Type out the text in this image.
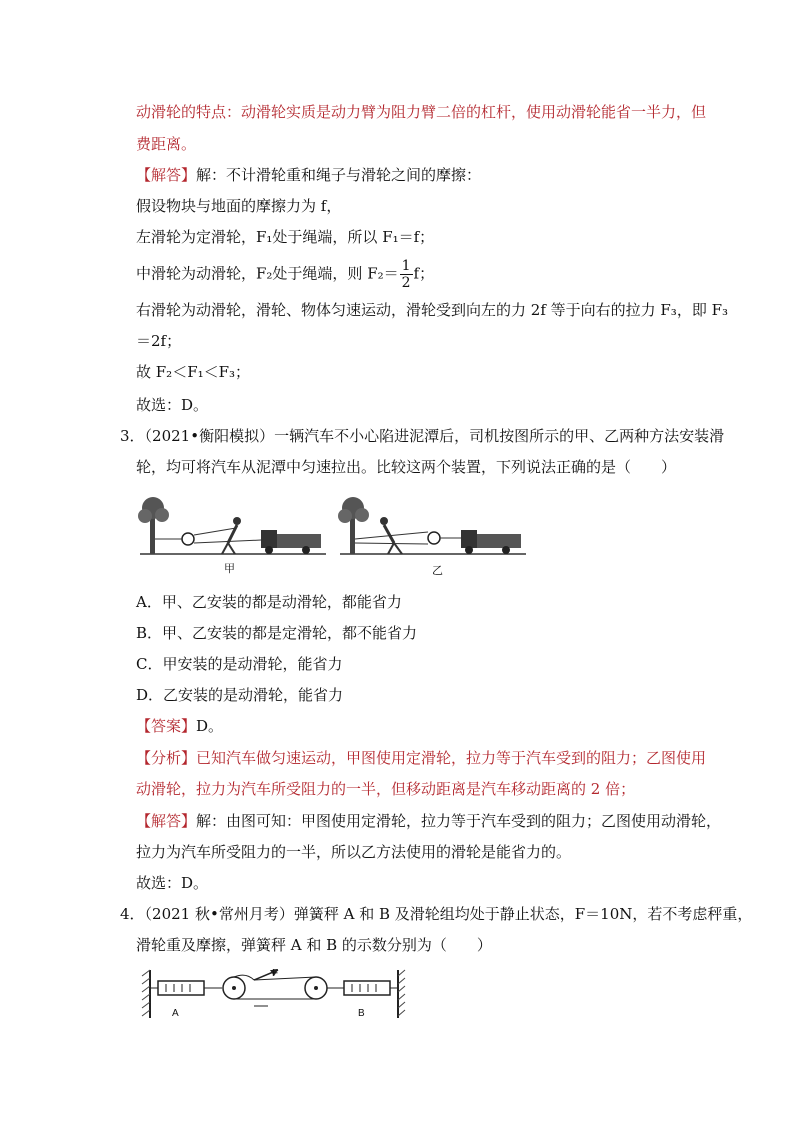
动滑轮的特点：动滑轮实质是动力臂为阻力臂二倍的杠杆，使用动滑轮能省一半力，但
费距离。
【解答】解：不计滑轮重和绳子与滑轮之间的摩擦：
假设物块与地面的摩擦力为 f，
左滑轮为定滑轮，F₁处于绳端，所以 F₁＝f；
中滑轮为动滑轮，F₂处于绳端，则 $F_2= \frac{1}{2}$ f；
右滑轮为动滑轮，滑轮、物体匀速运动，滑轮受到向左的力 2f 等于向右的拉力 F₃，即 F₃
＝2f；
故 F₂＜F₁＜F₃；
故选：D。
3．（2021•衡阳模拟）一辆汽车不小心陷进泥潭后，司机按图所示的甲、乙两种方法安装滑
轮，均可将汽车从泥潭中匀速拉出。比较这两个装置，下列说法正确的是（　　）
甲	乙
A．甲、乙安装的都是动滑轮，都能省力
B．甲、乙安装的都是定滑轮，都不能省力
C．甲安装的是动滑轮，能省力
D．乙安装的是动滑轮，能省力
【答案】D。
【分析】已知汽车做匀速运动，甲图使用定滑轮，拉力等于汽车受到的阻力；乙图使用
动滑轮，拉力为汽车所受阻力的一半，但移动距离是汽车移动距离的 2 倍；
【解答】解：由图可知：甲图使用定滑轮，拉力等于汽车受到的阻力；乙图使用动滑轮，
拉力为汽车所受阻力的一半，所以乙方法使用的滑轮是能省力的。
故选：D。
4．（2021 秋•常州月考）弹簧秤 A 和 B 及滑轮组均处于静止状态，F＝10N，若不考虑秤重，
滑轮重及摩擦，弹簧秤 A 和 B 的示数分别为（　　）
A
F
B
